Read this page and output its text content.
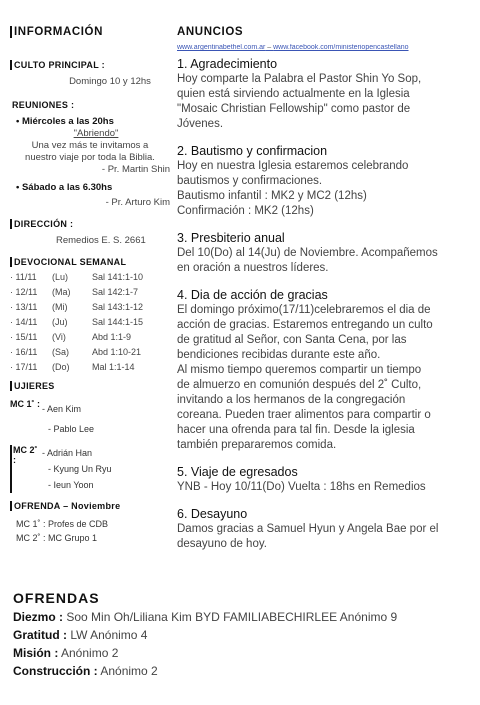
INFORMACIÓN
CULTO PRINCIPAL :
Domingo 10 y 12hs
REUNIONES :
• Miércoles a las 20hs
"Abriendo"
Una vez más te invitamos a
nuestro viaje por toda la Biblia.
- Pr. Martin Shin
• Sábado a las 6.30hs
- Pr. Arturo Kim
DIRECCIÓN :
Remedios E. S. 2661
DEVOCIONAL SEMANAL
· 11/11	(Lu)	Sal 141:1-10
· 12/11	(Ma)	Sal 142:1-7
· 13/11	(Mi)	Sal 143:1-12
· 14/11	(Ju)	Sal 144:1-15
· 15/11	(Vi)	Abd 1:1-9
· 16/11	(Sa)	Abd 1:10-21
· 17/11	(Do)	Mal 1:1-14
UJIERES
MC 1˚ : - Aen Kim
- Pablo Lee
MC 2˚ :
- Adrián Han
- Kyung Un Ryu
- Ieun Yoon
OFRENDA – Noviembre
MC 1˚ : Profes de CDB
MC 2˚ : MC Grupo 1
ANUNCIOS
www.argentinabethel.com.ar – www.facebook.com/ministeriopencastellano
1. Agradecimiento
Hoy comparte la Palabra el Pastor Shin Yo Sop,
quien está sirviendo actualmente en la Iglesia
"Mosaic Christian Fellowship" como pastor de
Jóvenes.
2. Bautismo y confirmacion
Hoy en nuestra Iglesia estaremos celebrando
bautismos y confirmaciones.
Bautismo infantil : MK2 y MC2 (12hs)
Confirmación : MK2 (12hs)
3. Presbiterio anual
Del 10(Do) al 14(Ju) de Noviembre. Acompañemos
en oración a nuestros líderes.
4. Dia de acción de gracias
El domingo próximo(17/11)celebraremos el dia de
acción de gracias. Estaremos entregando un culto
de gratitud al Señor, con Santa Cena, por las
bendiciones recibidas durante este año.
Al mismo tiempo queremos compartir un tiempo
de almuerzo en comunión después del 2˚ Culto,
invitando a los hermanos de la congregación
coreana. Pueden traer alimentos para compartir o
hacer una ofrenda para tal fin. Desde la iglesia
también prepararemos comida.
5. Viaje de egresados
YNB - Hoy 10/11(Do) Vuelta : 18hs en Remedios
6. Desayuno
Damos gracias a Samuel Hyun y Angela Bae por el
desayuno de hoy.
OFRENDAS
Diezmo : Soo Min Oh/Liliana Kim BYD FAMILIABECHIRLEE Anónimo 9
Gratitud : LW Anónimo 4
Misión : Anónimo 2
Construcción : Anónimo 2
